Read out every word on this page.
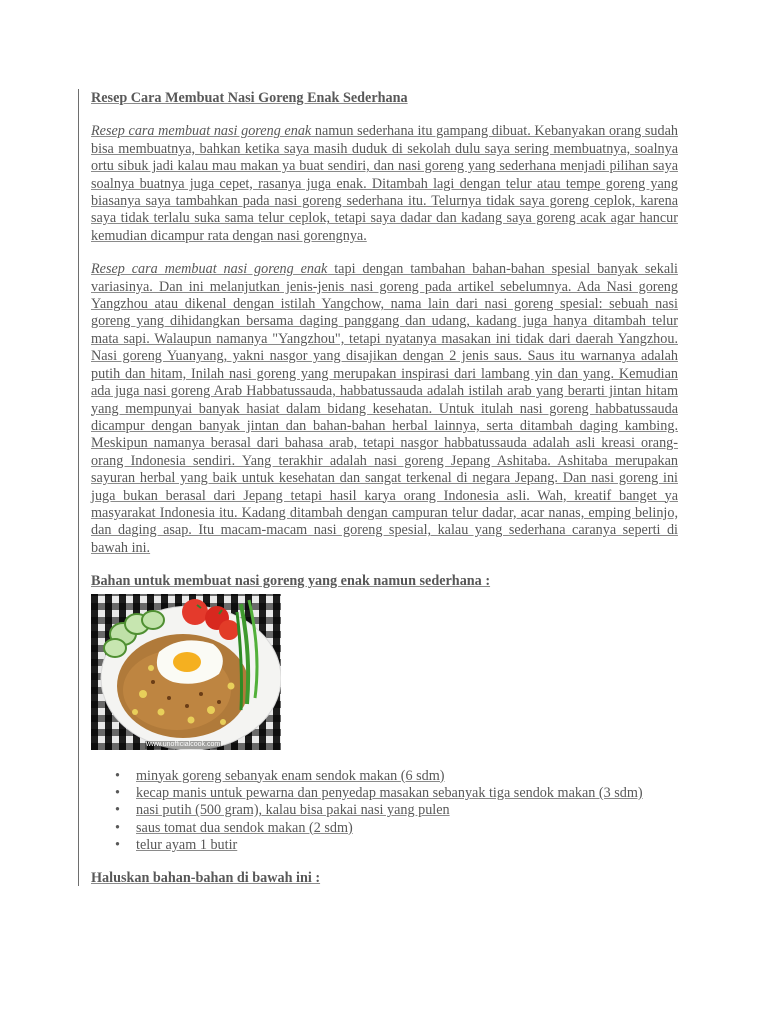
Resep Cara Membuat Nasi Goreng Enak Sederhana

Resep cara membuat nasi goreng enak namun sederhana itu gampang dibuat. Kebanyakan orang sudah bisa membuatnya, bahkan ketika saya masih duduk di sekolah dulu saya sering membuatnya, soalnya ortu sibuk jadi kalau mau makan ya buat sendiri, dan nasi goreng yang sederhana menjadi pilihan saya soalnya buatnya juga cepet, rasanya juga enak. Ditambah lagi dengan telur atau tempe goreng yang biasanya saya tambahkan pada nasi goreng sederhana itu. Telurnya tidak saya goreng ceplok, karena saya tidak terlalu suka sama telur ceplok, tetapi saya dadar dan kadang saya goreng acak agar hancur kemudian dicampur rata dengan nasi gorengnya.

Resep cara membuat nasi goreng enak tapi dengan tambahan bahan-bahan spesial banyak sekali variasinya. Dan ini melanjutkan jenis-jenis nasi goreng pada artikel sebelumnya. Ada Nasi goreng Yangzhou atau dikenal dengan istilah Yangchow, nama lain dari nasi goreng spesial: sebuah nasi goreng yang dihidangkan bersama daging panggang dan udang, kadang juga hanya ditambah telur mata sapi. Walaupun namanya "Yangzhou", tetapi nyatanya masakan ini tidak dari daerah Yangzhou. Nasi goreng Yuanyang, yakni nasgor yang disajikan dengan 2 jenis saus. Saus itu warnanya adalah putih dan hitam, Inilah nasi goreng yang merupakan inspirasi dari lambang yin dan yang. Kemudian ada juga nasi goreng Arab Habbatussauda, habbatussauda adalah istilah arab yang berarti jintan hitam yang mempunyai banyak hasiat dalam bidang kesehatan. Untuk itulah nasi goreng habbatussauda dicampur dengan banyak jintan dan bahan-bahan herbal lainnya, serta ditambah daging kambing. Meskipun namanya berasal dari bahasa arab, tetapi nasgor habbatussauda adalah asli kreasi orang-orang Indonesia sendiri. Yang terakhir adalah nasi goreng Jepang Ashitaba. Ashitaba merupakan sayuran herbal yang baik untuk kesehatan dan sangat terkenal di negara Jepang. Dan nasi goreng ini juga bukan berasal dari Jepang tetapi hasil karya orang Indonesia asli. Wah, kreatif banget ya masyarakat Indonesia itu. Kadang ditambah dengan campuran telur dadar, acar nanas, emping belinjo, dan daging asap. Itu macam-macam nasi goreng spesial, kalau yang sederhana caranya seperti di bawah ini.

Bahan untuk membuat nasi goreng yang enak namun sederhana :
www.unofficialcook.com
• minyak goreng sebanyak enam sendok makan (6 sdm)
• kecap manis untuk pewarna dan penyedap masakan sebanyak tiga sendok makan (3 sdm)
• nasi putih (500 gram), kalau bisa pakai nasi yang pulen
• saus tomat dua sendok makan (2 sdm)
• telur ayam 1 butir
Haluskan bahan-bahan di bawah ini :
